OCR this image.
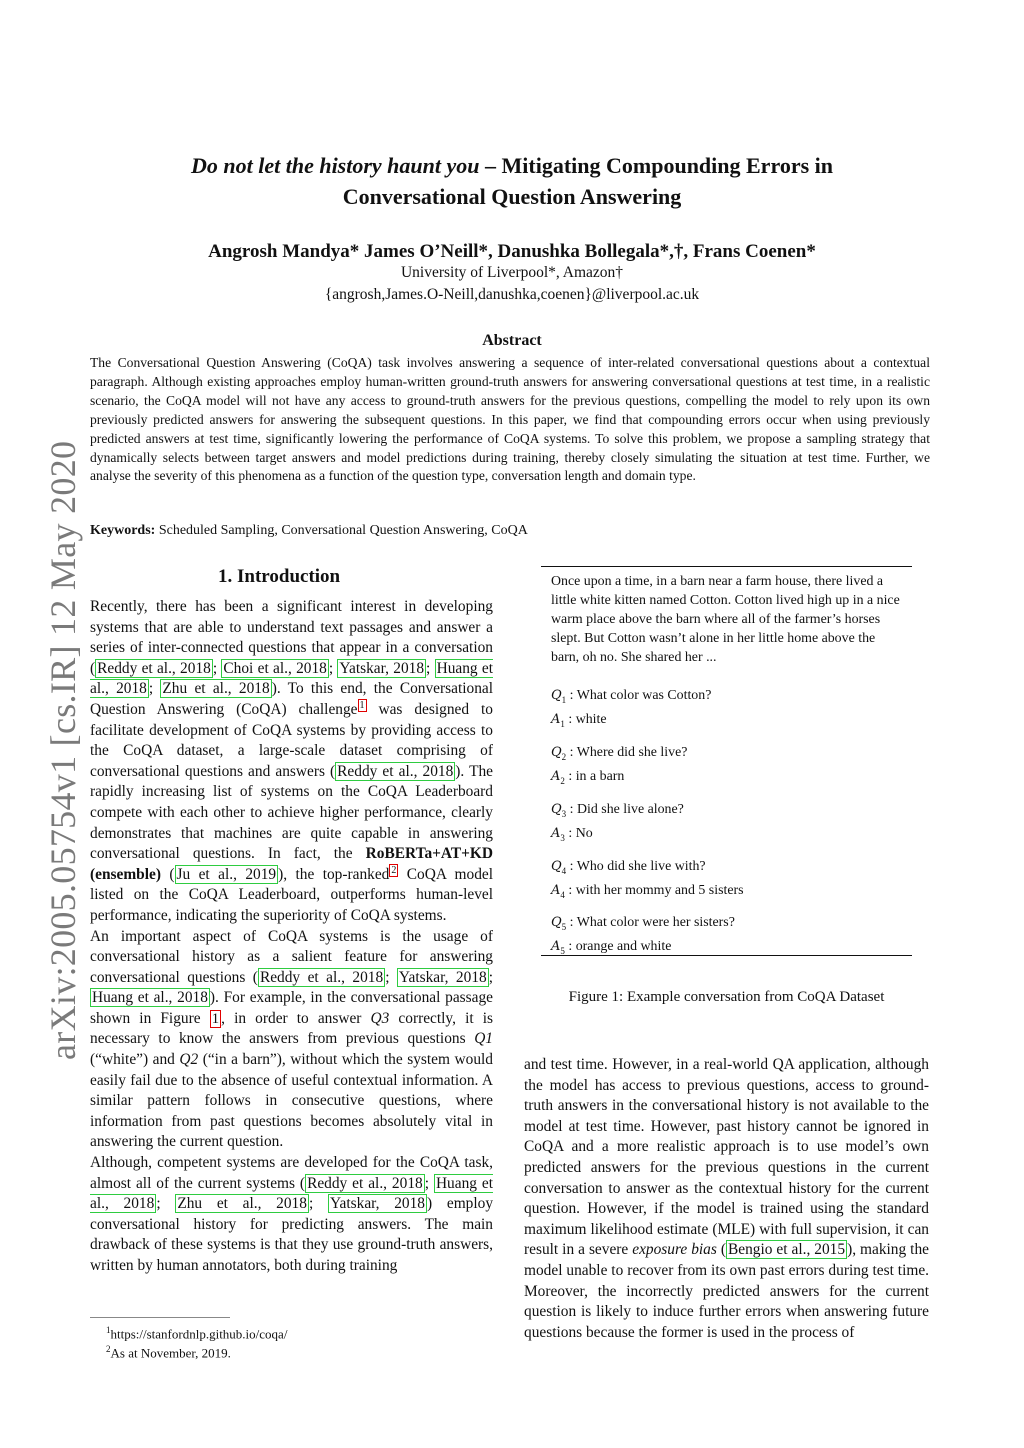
arXiv:2005.05754v1 [cs.IR] 12 May 2020
Do not let the history haunt you – Mitigating Compounding Errors in
Conversational Question Answering
Angrosh Mandya* James O’Neill*, Danushka Bollegala*,†, Frans Coenen*
University of Liverpool*, Amazon†
{angrosh,James.O-Neill,danushka,coenen}@liverpool.ac.uk
Abstract
The Conversational Question Answering (CoQA) task involves answering a sequence of inter-related conversational questions about a contextual paragraph. Although existing approaches employ human-written ground-truth answers for answering conversational questions at test time, in a realistic scenario, the CoQA model will not have any access to ground-truth answers for the previous questions, compelling the model to rely upon its own previously predicted answers for answering the subsequent questions. In this paper, we find that compounding errors occur when using previously predicted answers at test time, significantly lowering the performance of CoQA systems. To solve this problem, we propose a sampling strategy that dynamically selects between target answers and model predictions during training, thereby closely simulating the situation at test time. Further, we analyse the severity of this phenomena as a function of the question type, conversation length and domain type.
Keywords: Scheduled Sampling, Conversational Question Answering, CoQA
1. Introduction

Recently, there has been a significant interest in developing systems that are able to understand text passages and answer a series of inter-connected questions that appear in a conversation ( Reddy et al., 2018 ; Choi et al., 2018 ; Yatskar, 2018 ; Huang et al., 2018 ; Zhu et al., 2018 ). To this end, the Conversational Question Answering (CoQA) challenge $^1$ was designed to facilitate development of CoQA systems by providing access to the CoQA dataset, a large-scale dataset comprising of conversational questions and answers ( Reddy et al., 2018 ). The rapidly increasing list of systems on the CoQA Leaderboard compete with each other to achieve higher performance, clearly demonstrates that machines are quite capable in answering conversational questions. In fact, the RoBERTa+AT+KD (ensemble) ( Ju et al., 2019 ), the top-ranked $^2$ CoQA model listed on the CoQA Leaderboard, outperforms human-level performance, indicating the superiority of CoQA systems.

An important aspect of CoQA systems is the usage of conversational history as a salient feature for answering conversational questions ( Reddy et al., 2018 ; Yatskar, 2018 ; Huang et al., 2018 ). For example, in the conversational passage shown in Figure 1 , in order to answer Q3 correctly, it is necessary to know the answers from previous questions Q1 (“white”) and Q2 (“in a barn”), without which the system would easily fail due to the absence of useful contextual information. A similar pattern follows in consecutive questions, where information from past questions becomes absolutely vital in answering the current question.

Although, competent systems are developed for the CoQA task, almost all of the current systems ( Reddy et al., 2018 ; Huang et al., 2018 ; Zhu et al., 2018 ; Yatskar, 2018 ) employ conversational history for predicting answers. The main drawback of these systems is that they use ground-truth answers, written by human annotators, both during training

$^1$https://stanfordnlp.github.io/coqa/
$^2$As at November, 2019.
Once upon a time, in a barn near a farm house, there lived a little white kitten named Cotton. Cotton lived high up in a nice warm place above the barn where all of the farmer’s horses slept. But Cotton wasn’t alone in her little home above the barn, oh no. She shared her ...
$Q_1$ : What color was Cotton?
$A_1$ : white
$Q_2$ : Where did she live?
$A_2$ : in a barn
$Q_3$ : Did she live alone?
$A_3$ : No
$Q_4$ : Who did she live with?
$A_4$ : with her mommy and 5 sisters
$Q_5$ : What color were her sisters?
$A_5$ : orange and white
Figure 1: Example conversation from CoQA Dataset

and test time. However, in a real-world QA application, although the model has access to previous questions, access to ground-truth answers in the conversational history is not available to the model at test time. However, past history cannot be ignored in CoQA and a more realistic approach is to use model’s own predicted answers for the previous questions in the current conversation to answer as the contextual history for the current question. However, if the model is trained using the standard maximum likelihood estimate (MLE) with full supervision, it can result in a severe exposure bias ( Bengio et al., 2015 ), making the model unable to recover from its own past errors during test time. Moreover, the incorrectly predicted answers for the current question is likely to induce further errors when answering future questions because the former is used in the process of
